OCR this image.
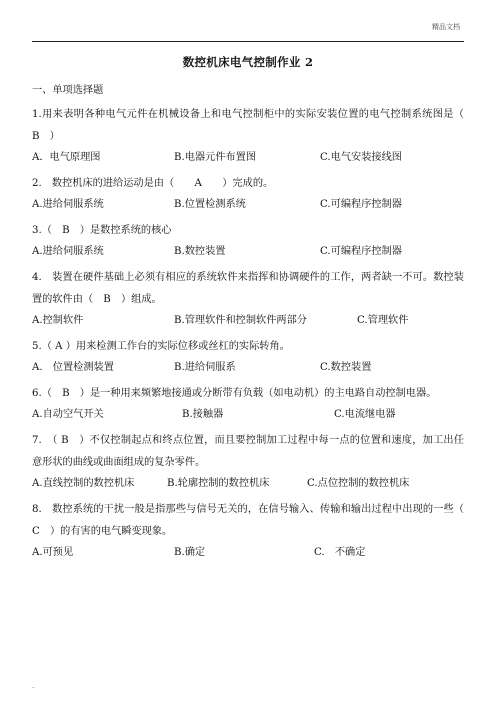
精品文档
数控机床电气控制作业 2
一、单项选择题
1.用来表明各种电气元件在机械设备上和电气控制柜中的实际安装位置的电气控制系统图是（　B　）
A．电气原理图	B.电器元件布置图	C.电气安装接线图
2.　数控机床的进给运动是由（　　A　　）完成的。
A.进给伺服系统	B.位置检测系统	C.可编程序控制器
3.（　B　）是数控系统的核心
A.进给伺服系统	B.数控装置	C.可编程序控制器
4.　装置在硬件基础上必须有相应的系统软件来指挥和协调硬件的工作，两者缺一不可。数控装置的软件由（　B　）组成。
A.控制软件	B.管理软件和控制软件两部分	C.管理软件
5.（ A ）用来检测工作台的实际位移或丝杠的实际转角。
A.　位置检测装置	B.进给伺服系	C.数控装置
6.（　B　）是一种用来频繁地接通或分断带有负载（如电动机）的主电路自动控制电器。
A.自动空气开关	B.接触器	C.电流继电器
7.　（ B　）不仅控制起点和终点位置，而且要控制加工过程中每一点的位置和速度，加工出任意形状的曲线或曲面组成的复杂零件。
A.直线控制的数控机床	B.轮廓控制的数控机床	C.点位控制的数控机床
8.　数控系统的干扰一般是指那些与信号无关的，在信号输入、传输和输出过程中出现的一些（　C　）的有害的电气瞬变现象。
A.可预见	B.确定	C.　不确定
.
